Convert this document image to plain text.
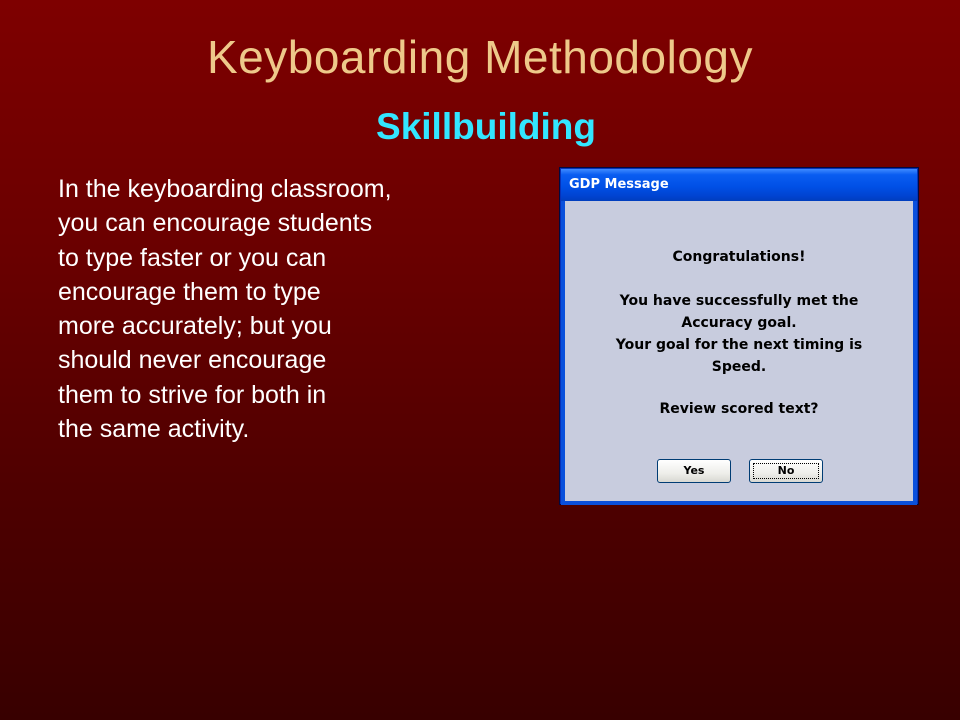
Keyboarding Methodology
Skillbuilding
In the keyboarding classroom,
you can encourage students
to type faster or you can
encourage them to type
more accurately; but you
should never encourage
them to strive for both in
the same activity.
GDP Message
Congratulations!
You have successfully met the
Accuracy goal.
Your goal for the next timing is
Speed.
Review scored text?
Yes	No
